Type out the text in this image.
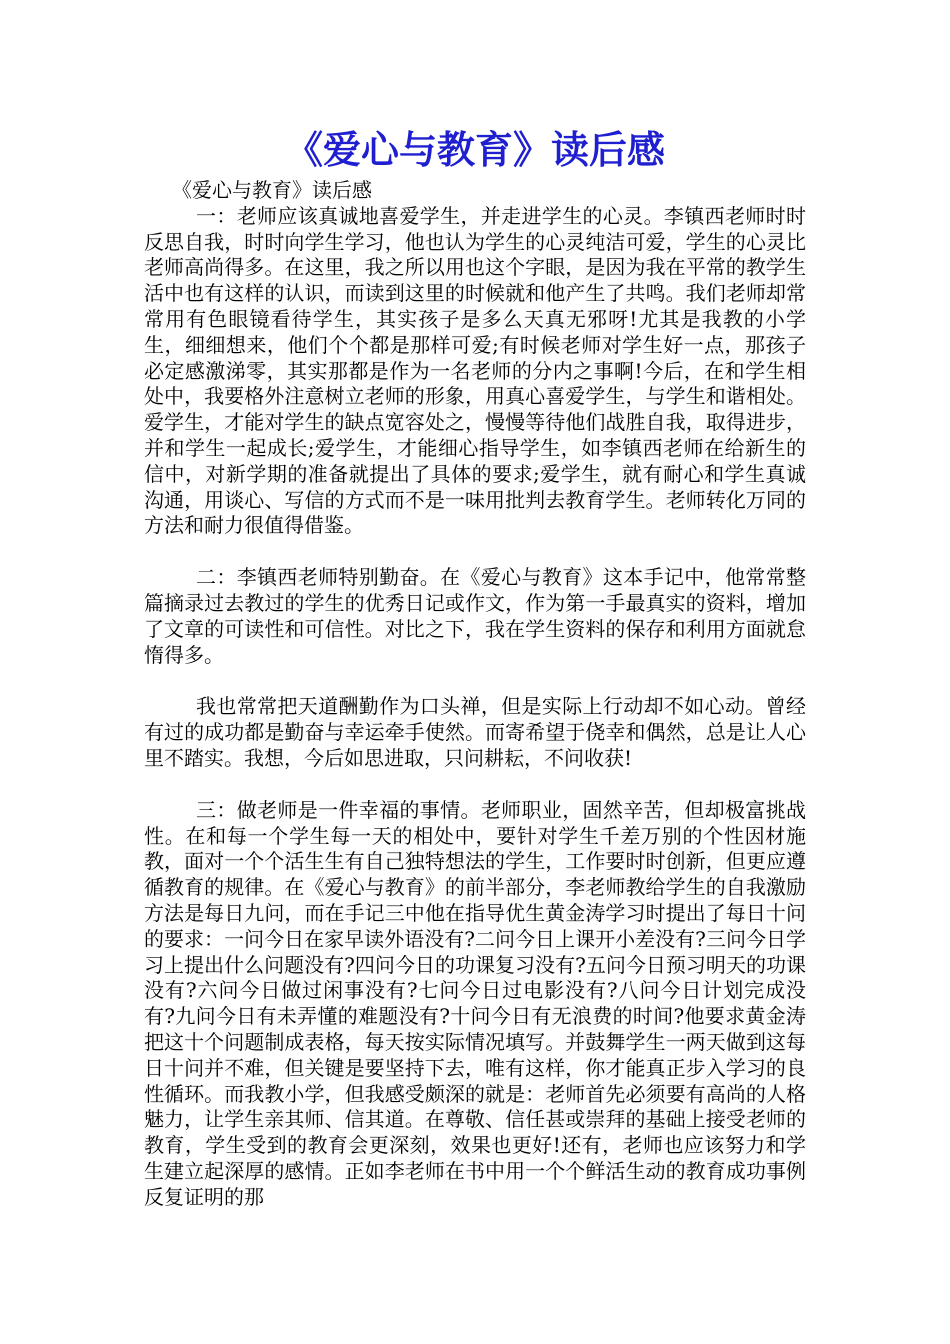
《爱心与教育》读后感

《爱心与教育》读后感

一：老师应该真诚地喜爱学生，并走进学生的心灵。李镇西老师时时反思自我，时时向学生学习，他也认为学生的心灵纯洁可爱，学生的心灵比老师高尚得多。在这里，我之所以用也这个字眼，是因为我在平常的教学生活中也有这样的认识，而读到这里的时候就和他产生了共鸣。我们老师却常常用有色眼镜看待学生，其实孩子是多么天真无邪呀!尤其是我教的小学生，细细想来，他们个个都是那样可爱;有时候老师对学生好一点，那孩子必定感激涕零，其实那都是作为一名老师的分内之事啊!今后，在和学生相处中，我要格外注意树立老师的形象，用真心喜爱学生，与学生和谐相处。爱学生，才能对学生的缺点宽容处之，慢慢等待他们战胜自我，取得进步，并和学生一起成长;爱学生，才能细心指导学生，如李镇西老师在给新生的信中，对新学期的准备就提出了具体的要求;爱学生，就有耐心和学生真诚沟通，用谈心、写信的方式而不是一味用批判去教育学生。老师转化万同的方法和耐力很值得借鉴。

二：李镇西老师特别勤奋。在《爱心与教育》这本手记中，他常常整篇摘录过去教过的学生的优秀日记或作文，作为第一手最真实的资料，增加了文章的可读性和可信性。对比之下，我在学生资料的保存和利用方面就怠惰得多。

我也常常把天道酬勤作为口头禅，但是实际上行动却不如心动。曾经有过的成功都是勤奋与幸运牵手使然。而寄希望于侥幸和偶然，总是让人心里不踏实。我想，今后如思进取，只问耕耘，不问收获!

三：做老师是一件幸福的事情。老师职业，固然辛苦，但却极富挑战性。在和每一个学生每一天的相处中，要针对学生千差万别的个性因材施教，面对一个个活生生有自己独特想法的学生，工作要时时创新，但更应遵循教育的规律。在《爱心与教育》的前半部分，李老师教给学生的自我激励方法是每日九问，而在手记三中他在指导优生黄金涛学习时提出了每日十问的要求：一问今日在家早读外语没有?二问今日上课开小差没有?三问今日学习上提出什么问题没有?四问今日的功课复习没有?五问今日预习明天的功课没有?六问今日做过闲事没有?七问今日过电影没有?八问今日计划完成没有?九问今日有未弄懂的难题没有?十问今日有无浪费的时间?他要求黄金涛把这十个问题制成表格，每天按实际情况填写。并鼓舞学生一两天做到这每日十问并不难，但关键是要坚持下去，唯有这样，你才能真正步入学习的良性循环。而我教小学，但我感受颇深的就是：老师首先必须要有高尚的人格魅力，让学生亲其师、信其道。在尊敬、信任甚或崇拜的基础上接受老师的教育，学生受到的教育会更深刻，效果也更好!还有，老师也应该努力和学生建立起深厚的感情。正如李老师在书中用一个个鲜活生动的教育成功事例反复证明的那
